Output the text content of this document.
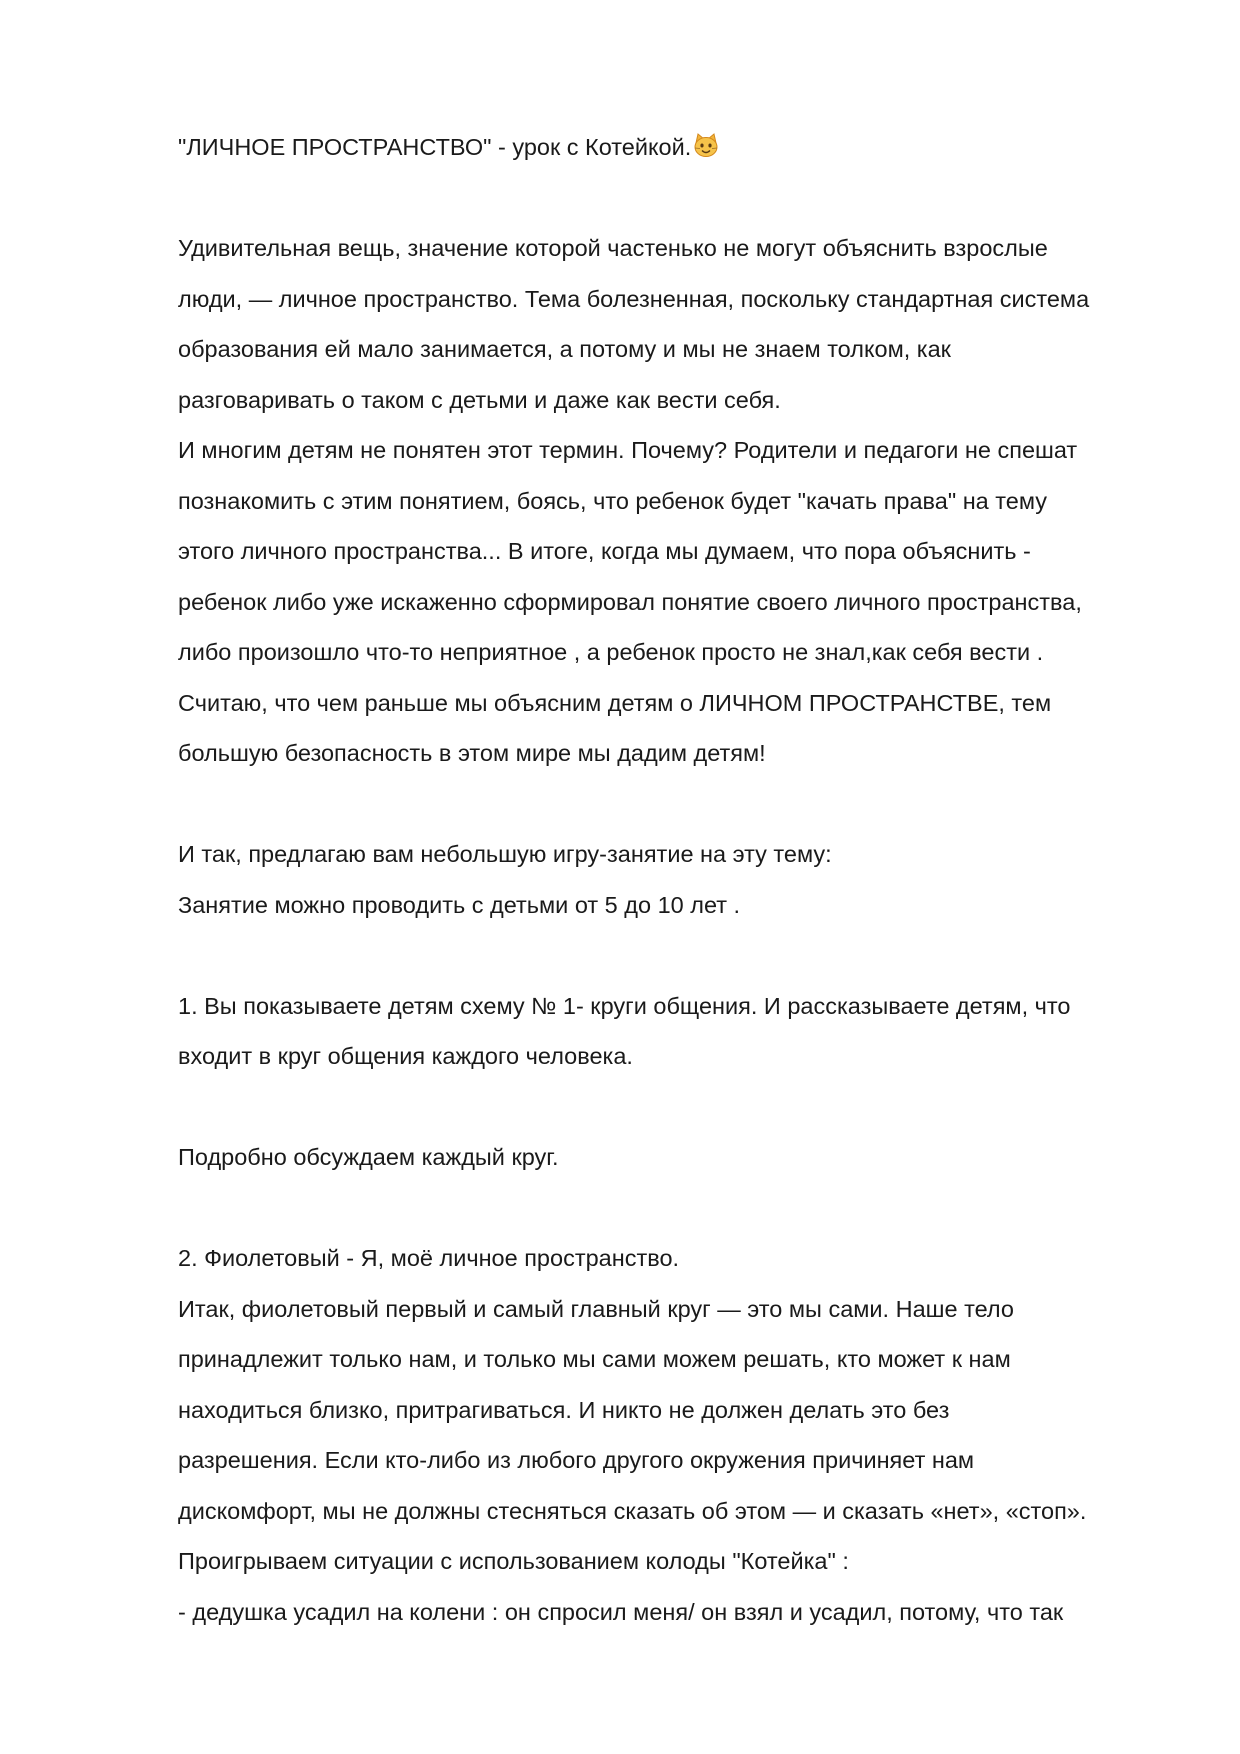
"ЛИЧНОЕ ПРОСТРАНСТВО" - урок с Котейкой.
Удивительная вещь, значение которой частенько не могут объяснить взрослые
люди, — личное пространство. Тема болезненная, поскольку стандартная система
образования ей мало занимается, а потому и мы не знаем толком, как
разговаривать о таком с детьми и даже как вести себя.
И многим детям не понятен этот термин. Почему? Родители и педагоги не спешат
познакомить с этим понятием, боясь, что ребенок будет "качать права" на тему
этого личного пространства... В итоге, когда мы думаем, что пора объяснить -
ребенок либо уже искаженно сформировал понятие своего личного пространства,
либо произошло что-то неприятное , а ребенок просто не знал,как себя вести .
Считаю, что чем раньше мы объясним детям о ЛИЧНОМ ПРОСТРАНСТВЕ, тем
большую безопасность в этом мире мы дадим детям!
И так, предлагаю вам небольшую игру-занятие на эту тему:
Занятие можно проводить с детьми от 5 до 10 лет .
1. Вы показываете детям схему № 1- круги общения. И рассказываете детям, что
входит в круг общения каждого человека.
Подробно обсуждаем каждый круг.
2. Фиолетовый - Я, моё личное пространство.
Итак, фиолетовый первый и самый главный круг — это мы сами. Наше тело
принадлежит только нам, и только мы сами можем решать, кто может к нам
находиться близко, притрагиваться. И никто не должен делать это без
разрешения. Если кто-либо из любого другого окружения причиняет нам
дискомфорт, мы не должны стесняться сказать об этом — и сказать «нет», «стоп».
Проигрываем ситуации с использованием колоды "Котейка" :
- дедушка усадил на колени : он спросил меня/ он взял и усадил, потому, что так
